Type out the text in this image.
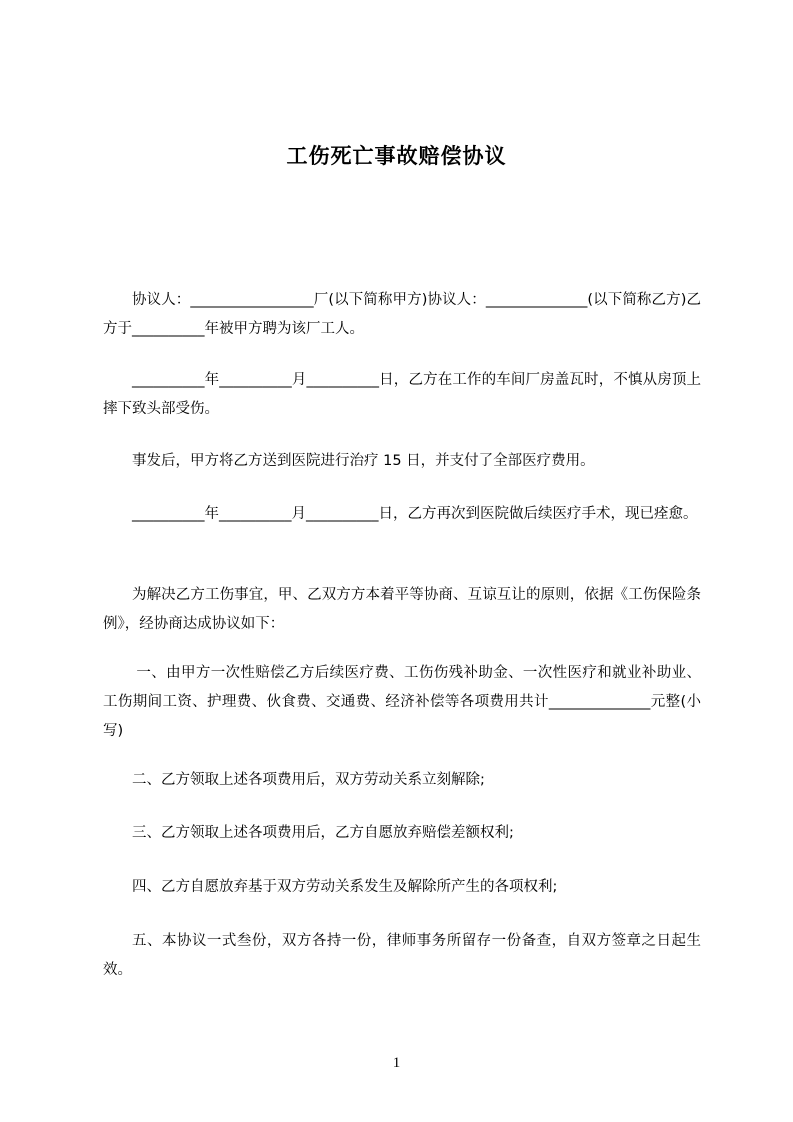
工伤死亡事故赔偿协议
协议人：_________________厂(以下简称甲方)协议人：______________(以下简称乙方)乙方于__________年被甲方聘为该厂工人。
__________年__________月__________日，乙方在工作的车间厂房盖瓦时，不慎从房顶上摔下致头部受伤。
事发后，甲方将乙方送到医院进行治疗 15 日，并支付了全部医疗费用。
__________年__________月__________日，乙方再次到医院做后续医疗手术，现已痊愈。
为解决乙方工伤事宜，甲、乙双方方本着平等协商、互谅互让的原则，依据《工伤保险条例》，经协商达成协议如下：
一、由甲方一次性赔偿乙方后续医疗费、工伤伤残补助金、一次性医疗和就业补助业、工伤期间工资、护理费、伙食费、交通费、经济补偿等各项费用共计______________元整(小写)
二、乙方领取上述各项费用后，双方劳动关系立刻解除;
三、乙方领取上述各项费用后，乙方自愿放弃赔偿差额权利;
四、乙方自愿放弃基于双方劳动关系发生及解除所产生的各项权利;
五、本协议一式叁份，双方各持一份，律师事务所留存一份备查，自双方签章之日起生效。
1
